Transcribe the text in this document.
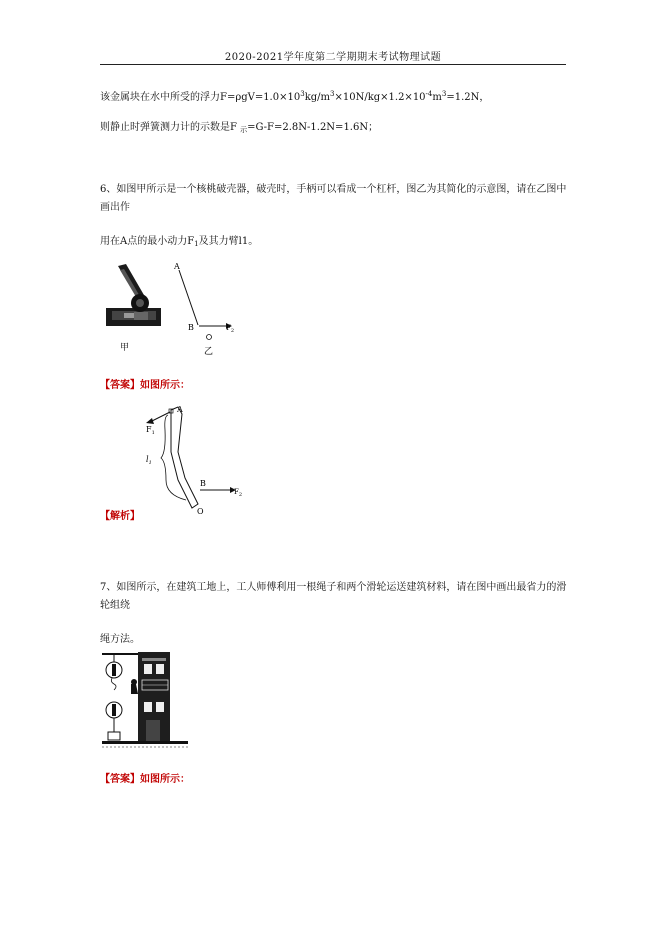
2020-2021学年度第二学期期末考试物理试题
该金属块在水中所受的浮力$F=\rho gV=1.0\times 10^3kg/m^3\times 10N/kg\times 1.2\times 10^{-4}m^3=1.2N$，
则静止时弹簧测力计的示数是F $_示$=G-F=2.8N-1.2N=1.6N；
6、如图甲所示是一个核桃破壳器，破壳时，手柄可以看成一个杠杆，图乙为其简化的示意图，请在乙图中
画出作
用在A点的最小动力$F_1$及其力臂l1。
甲
A
$F_2$
B
乙
【答案】如图所示：
A
$F_1$
$l_1$
B
$F_2$
O
【解析】
7、如图所示，在建筑工地上，工人师傅利用一根绳子和两个滑轮运送建筑材料，请在图中画出最省力的滑
轮组绕
绳方法。
【答案】如图所示：
